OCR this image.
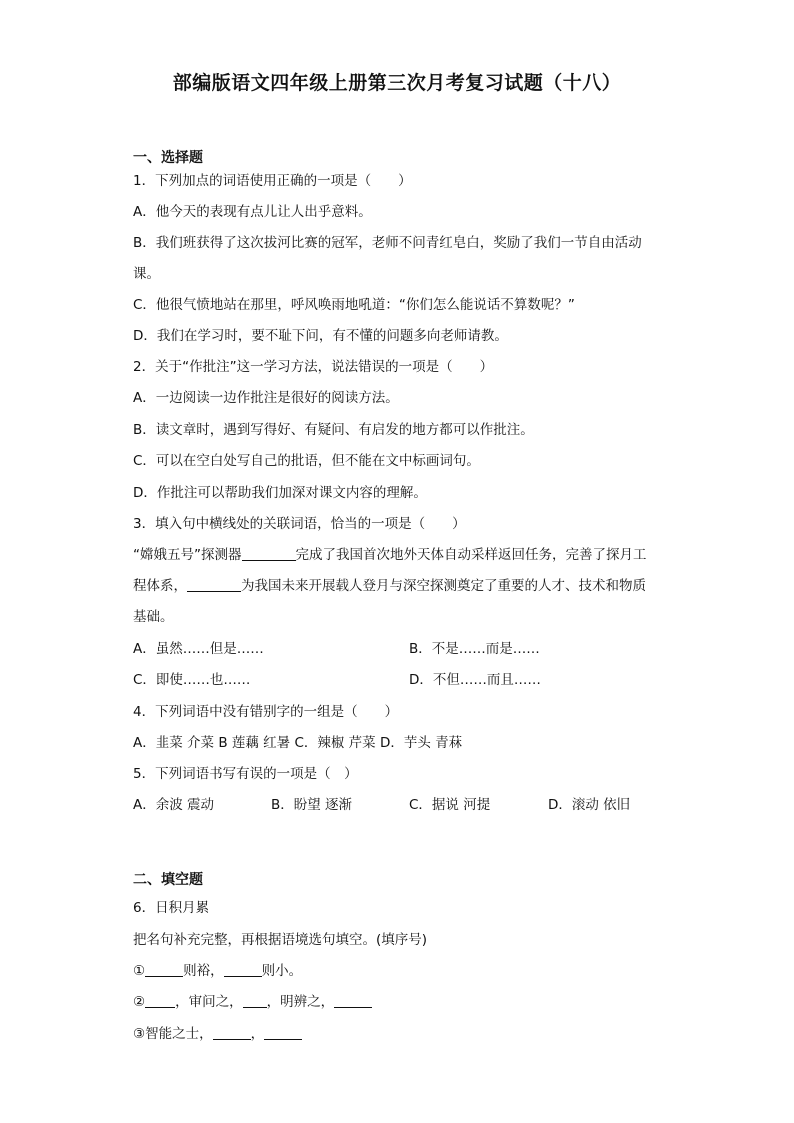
部编版语文四年级上册第三次月考复习试题（十八）
一、选择题
1．下列加点的词语使用正确的一项是（　　）
A．他今天的表现有点儿让人出乎意料。
B．我们班获得了这次拔河比赛的冠军，老师不问青红皂白，奖励了我们一节自由活动
课。
C．他很气愤地站在那里，呼风唤雨地吼道：“你们怎么能说话不算数呢？”
D．我们在学习时，要不耻下问，有不懂的问题多向老师请教。
2．关于“作批注”这一学习方法，说法错误的一项是（　　）
A．一边阅读一边作批注是很好的阅读方法。
B．读文章时，遇到写得好、有疑问、有启发的地方都可以作批注。
C．可以在空白处写自己的批语，但不能在文中标画词句。
D．作批注可以帮助我们加深对课文内容的理解。
3．填入句中横线处的关联词语，恰当的一项是（　　）
“嫦娥五号”探测器	完成了我国首次地外天体自动采样返回任务，完善了探月工
程体系，	为我国未来开展载人登月与深空探测奠定了重要的人才、技术和物质
基础。
A．虽然……但是……	B．不是……而是……
C．即使……也……	D．不但……而且……
4．下列词语中没有错别字的一组是（　　）
A．韭菜 介菜 B 莲藕 红暑 C．辣椒 芹菜 D．芋头 青菻
5．下列词语书写有误的一项是（　）
A．余波 震动	B．盼望 逐渐	C．据说 河提	D．滚动 依旧
二、填空题
6．日积月累
把名句补充完整，再根据语境选句填空。(填序号)
①	则裕，	则小。
② ，审问之， ，明辨之，
③智能之士，	，
